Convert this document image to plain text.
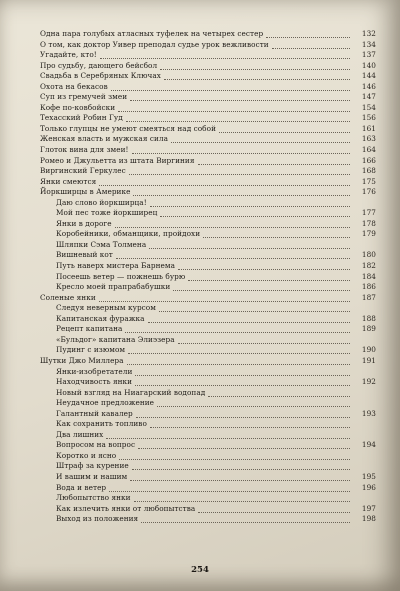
Одна пара голубых атласных туфелек на четырех сестер	132
О том, как доктор Уивер преподал судье урок вежливости	134
Угадайте, кто!	137
Про судьбу, дающего бейсбол	140
Свадьба в Серебряных Ключах	144
Охота на бекасов	146
Суп из гремучей змеи	147
Кофе по-ковбойски	154
Техасский Робин Гуд	156
Только глупцы не умеют смеяться над собой	161
Женская власть и мужская сила	163
Глоток вина для змеи!	164
Ромео и Джульетта из штата Виргиния	166
Виргинский Геркулес	168
Янки смеются	175
Йоркширцы в Америке	176
Даю слово йоркширца!
Мой пес тоже йоркширец	177
Янки в дороге	178
Коробейники, обманщики, пройдохи	179
Шляпки Сэма Толмена
Вишневый кот	180
Путь наверх мистера Барнема	182
Посеешь ветер — пожнешь бурю	184
Кресло моей прапрабабушки	186
Соленые янки	187
Следуя неверным курсом
Капитанская фуражка	188
Рецепт капитана	189
«Бульдог» капитана Элиэзера
Пудинг с изюмом	190
Шутки Джо Миллера	191
Янки-изобретатели
Находчивость янки	192
Новый взгляд на Ниагарский водопад
Неудачное предложение
Галантный кавалер	193
Как сохранить топливо
Два лишних
Вопросом на вопрос	194
Коротко и ясно
Штраф за курение
И вашим и нашим	195
Вода и ветер	196
Любопытство янки
Как излечить янки от любопытства	197
Выход из положения	198
254
